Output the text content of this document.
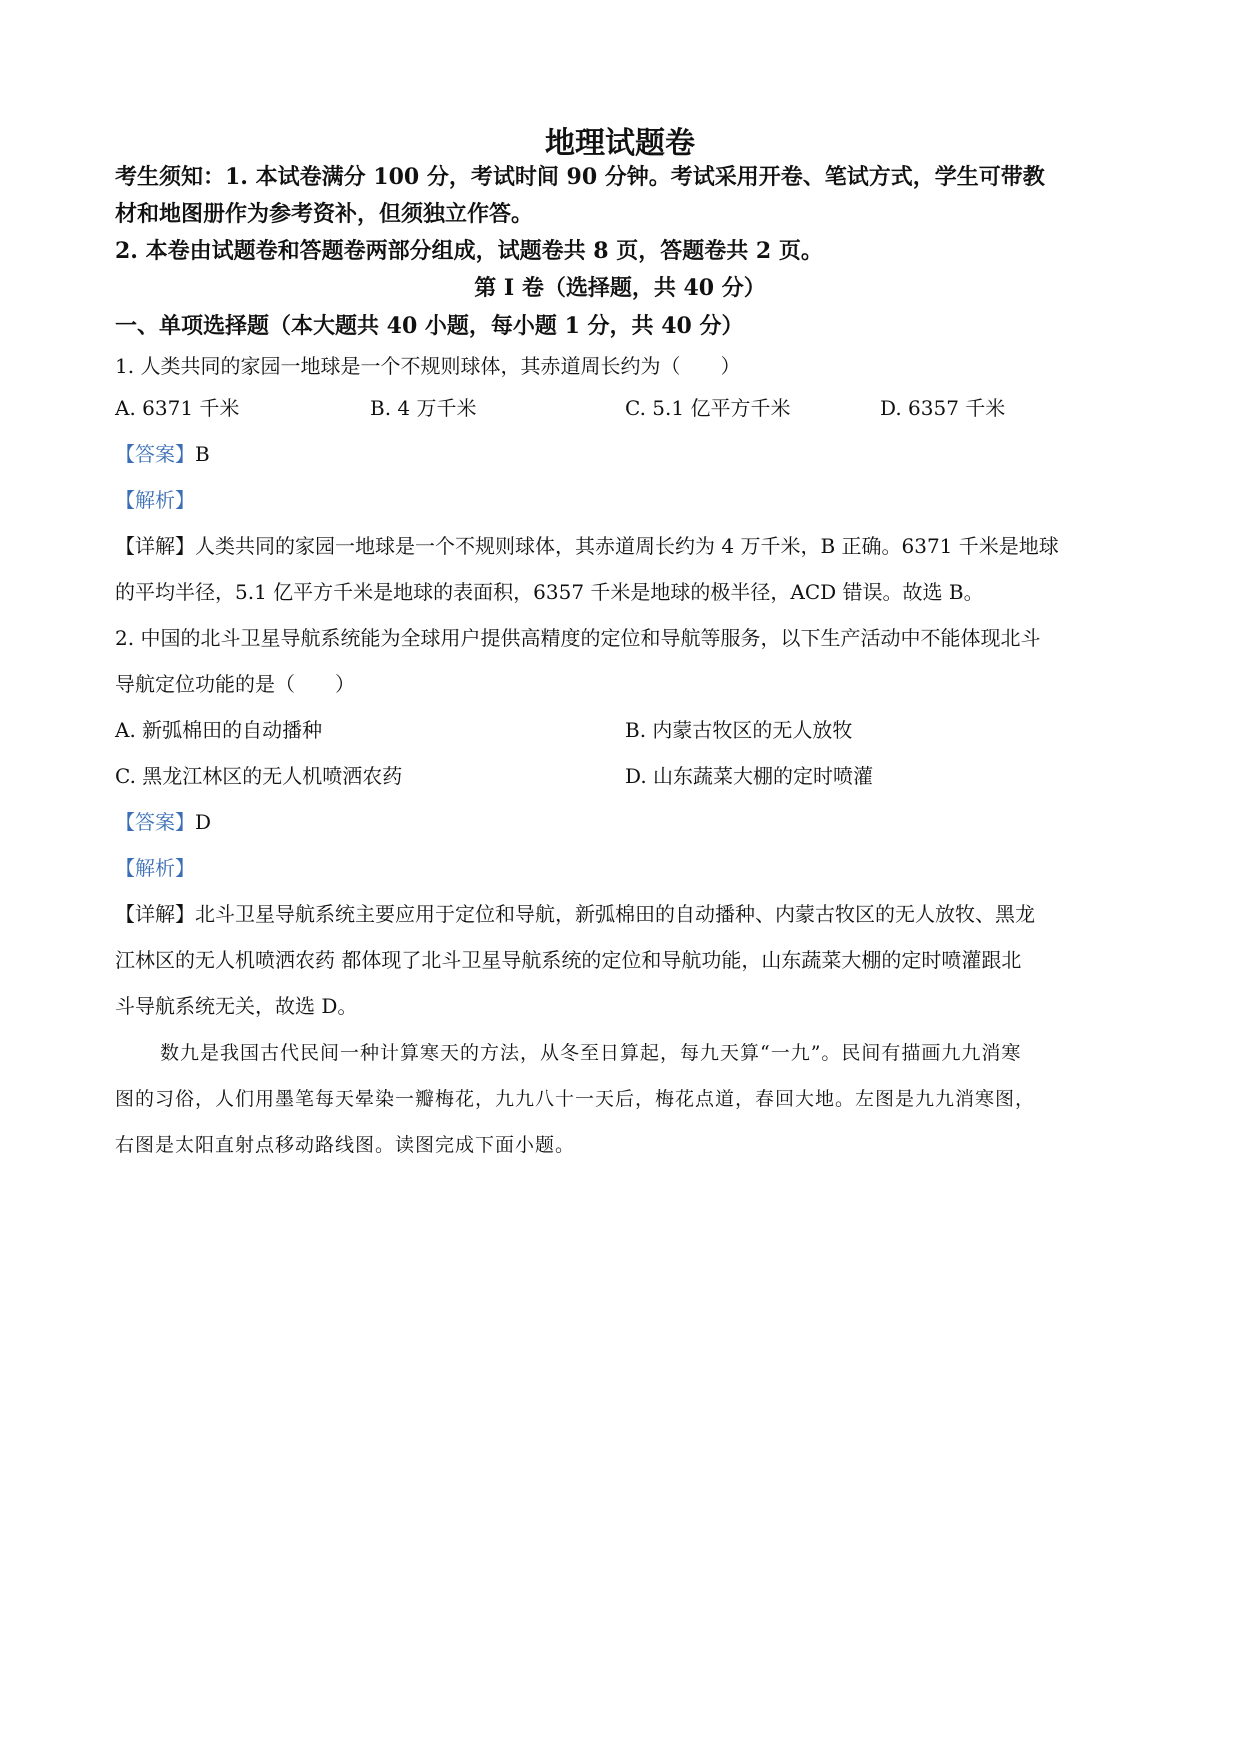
地理试题卷
考生须知：1. 本试卷满分 100 分，考试时间 90 分钟。考试采用开卷、笔试方式，学生可带教
材和地图册作为参考资补，但须独立作答。
2. 本卷由试题卷和答题卷两部分组成，试题卷共 8 页，答题卷共 2 页。
第 I 卷（选择题，共 40 分）
一、单项选择题（本大题共 40 小题，每小题 1 分，共 40 分）
1. 人类共同的家园一地球是一个不规则球体，其赤道周长约为（　　）
A. 6371 千米	B. 4 万千米	C. 5.1 亿平方千米	D. 6357 千米
【答案】B
【解析】
【详解】人类共同的家园一地球是一个不规则球体，其赤道周长约为 4 万千米，B 正确。6371 千米是地球
的平均半径，5.1 亿平方千米是地球的表面积，6357 千米是地球的极半径，ACD 错误。故选 B。
2. 中国的北斗卫星导航系统能为全球用户提供高精度的定位和导航等服务，以下生产活动中不能体现北斗
导航定位功能的是（　　）
A. 新弧棉田的自动播种	B. 内蒙古牧区的无人放牧
C. 黑龙江林区的无人机喷洒农药	D. 山东蔬菜大棚的定时喷灌
【答案】D
【解析】
【详解】北斗卫星导航系统主要应用于定位和导航，新弧棉田的自动播种、内蒙古牧区的无人放牧、黑龙
江林区的无人机喷洒农药 都体现了北斗卫星导航系统的定位和导航功能，山东蔬菜大棚的定时喷灌跟北
斗导航系统无关，故选 D。
数九是我国古代民间一种计算寒天的方法，从冬至日算起，每九天算“一九”。民间有描画九九消寒
图的习俗，人们用墨笔每天晕染一瓣梅花，九九八十一天后，梅花点道，春回大地。左图是九九消寒图，
右图是太阳直射点移动路线图。读图完成下面小题。
